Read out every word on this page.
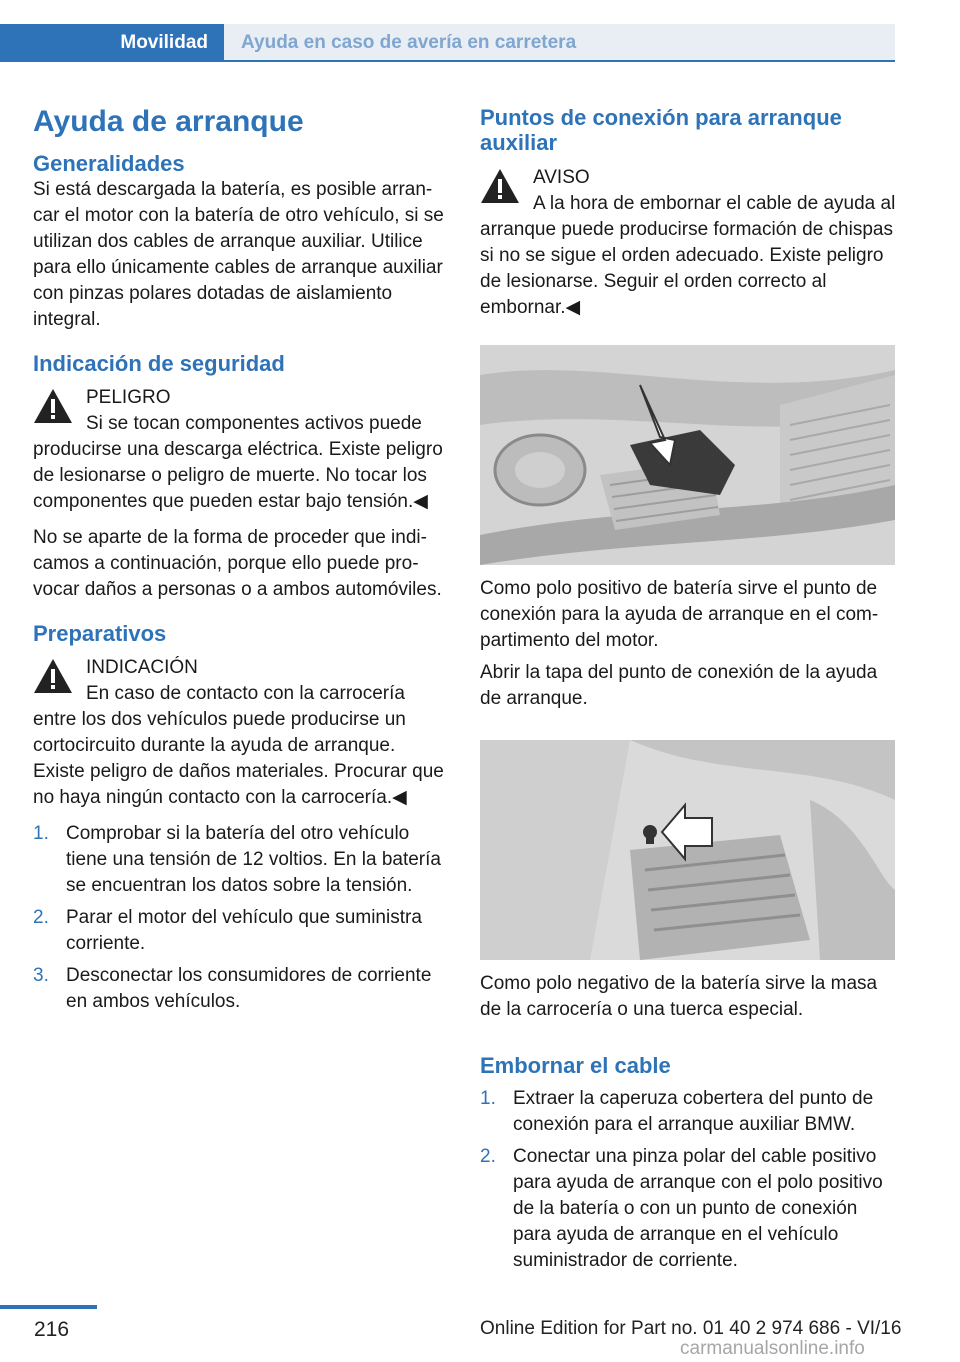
Movilidad Ayuda en caso de avería en carretera
Ayuda de arranque
Generalidades

Si está descargada la batería, es posible arrancar el motor con la batería de otro vehículo, si se utilizan dos cables de arranque auxiliar. Utilice para ello únicamente cables de arranque auxiliar con pinzas polares dotadas de aislamiento integral.

Indicación de seguridad

PELIGRO

Si se tocan componentes activos puede producirse una descarga eléctrica. Existe peligro de lesionarse o peligro de muerte. No tocar los componentes que pueden estar bajo tensión.◀

No se aparte de la forma de proceder que indicamos a continuación, porque ello puede provocar daños a personas o a ambos automóviles.

Preparativos

INDICACIÓN

En caso de contacto con la carrocería entre los dos vehículos puede producirse un cortocircuito durante la ayuda de arranque. Existe peligro de daños materiales. Procurar que no haya ningún contacto con la carrocería.◀

1. Comprobar si la batería del otro vehículo tiene una tensión de 12 voltios. En la batería se encuentran los datos sobre la tensión.

2. Parar el motor del vehículo que suministra corriente.

3. Desconectar los consumidores de corriente en ambos vehículos.

Puntos de conexión para arranque auxiliar

AVISO

A la hora de embornar el cable de ayuda al arranque puede producirse formación de chispas si no se sigue el orden adecuado. Existe peligro de lesionarse. Seguir el orden correcto al embornar.◀

Como polo positivo de batería sirve el punto de conexión para la ayuda de arranque en el compartimento del motor.

Abrir la tapa del punto de conexión de la ayuda de arranque.

Como polo negativo de la batería sirve la masa de la carrocería o una tuerca especial.

Embornar el cable
1. Extraer la caperuza cobertera del punto de conexión para el arranque auxiliar BMW.

2. Conectar una pinza polar del cable positivo para ayuda de arranque con el polo positivo de la batería o con un punto de conexión para ayuda de arranque en el vehículo suministrador de corriente.

216	Online Edition for Part no. 01 40 2 974 686 - VI/16
carmanualsonline.info
